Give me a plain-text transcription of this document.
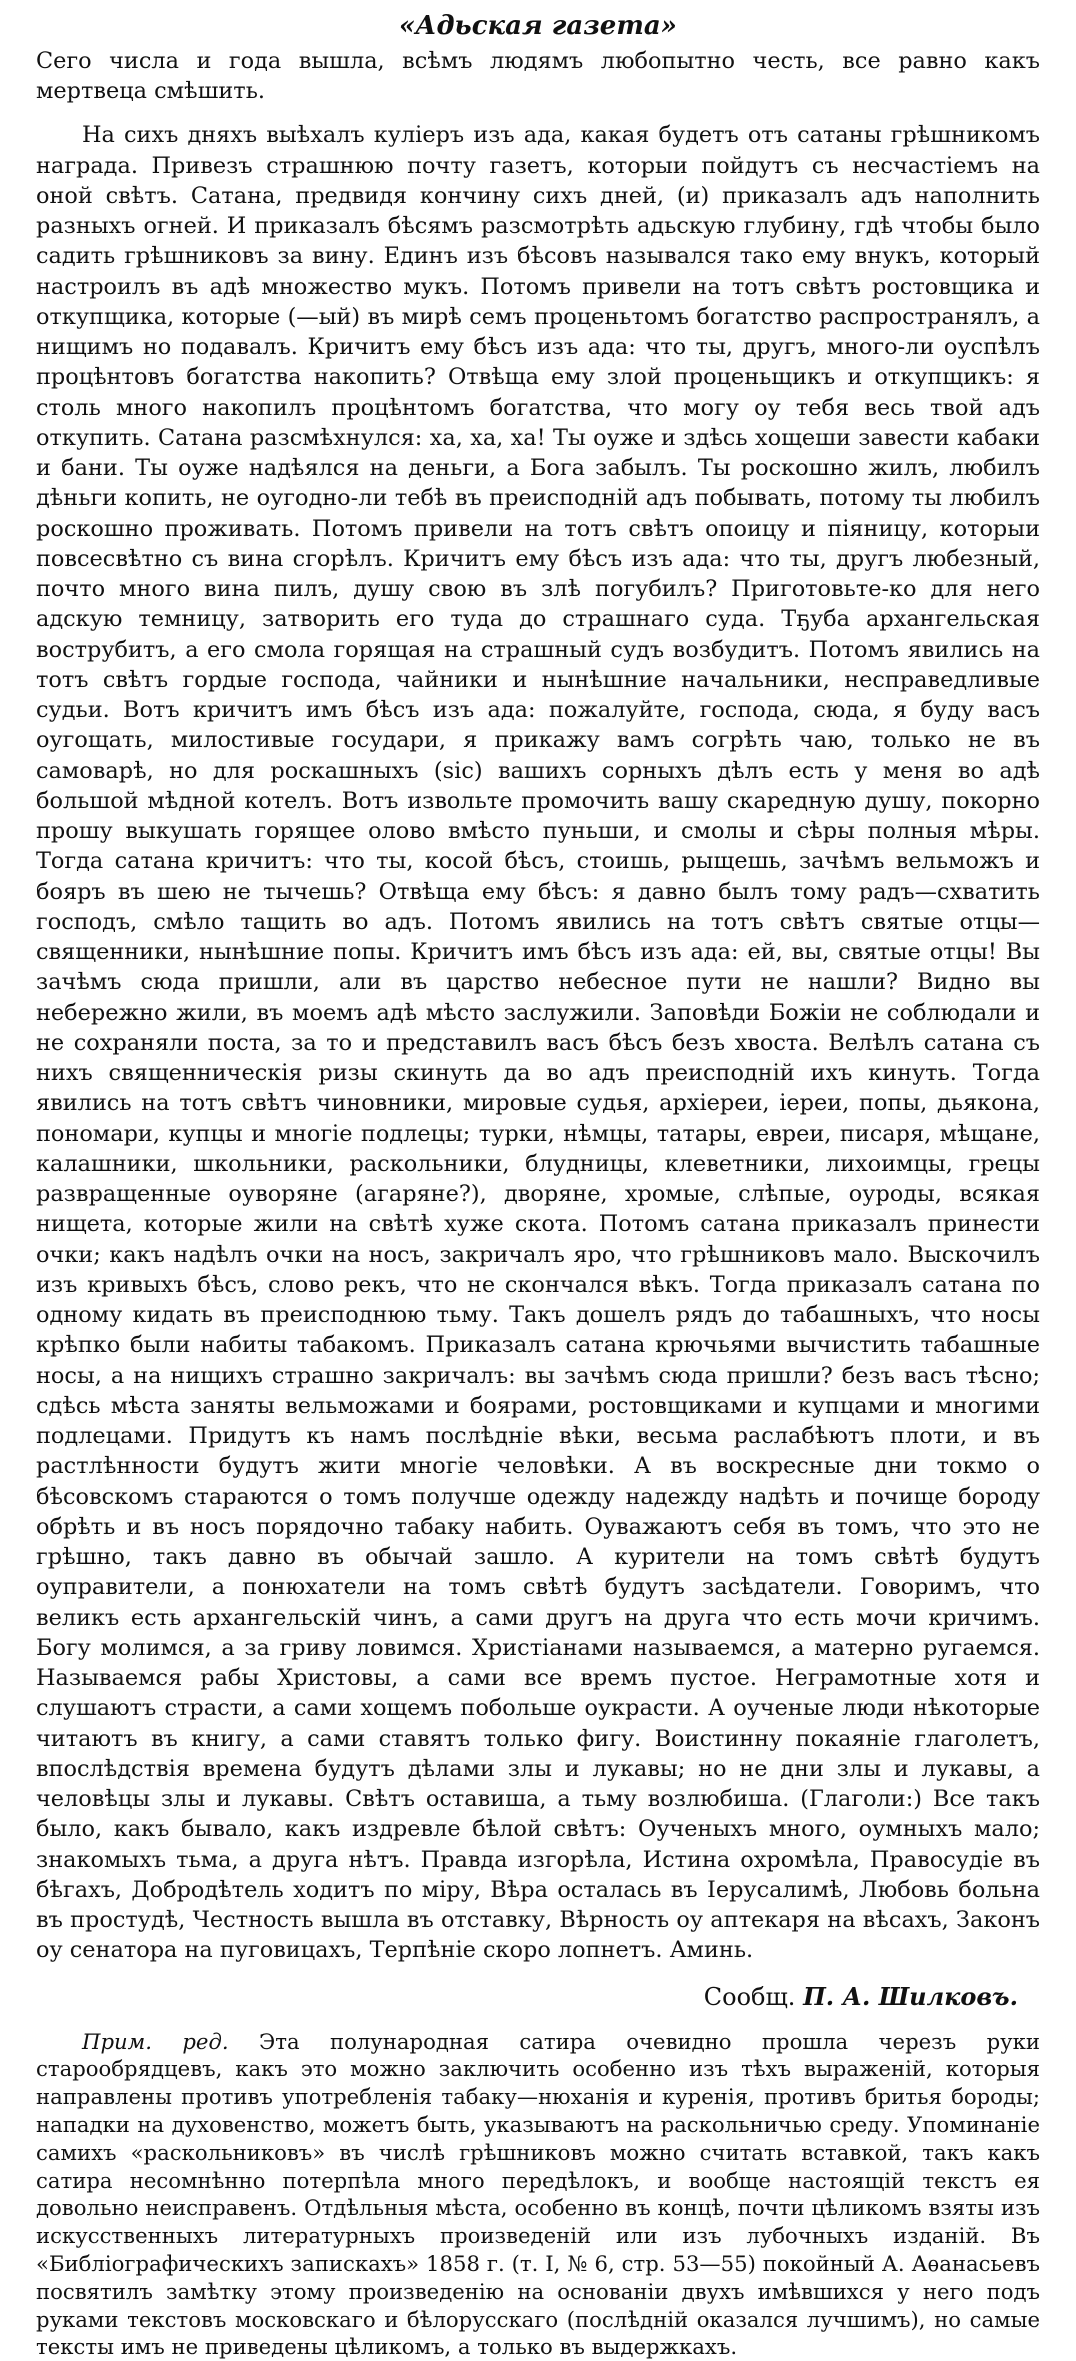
«Адьская газета»

Сего числа и года вышла, всѣмъ людямъ любопытно честь, все равно какъ мертвеца смѣшить.

На сихъ дняхъ выѣхалъ кулieръ изъ ада, какая будетъ отъ сатаны грѣшникомъ награда. Привезъ страшнюю почту газетъ, которыи пойдутъ съ несчастiемъ на оной свѣтъ. Сатана, предвидя кончину сихъ дней, (и) приказалъ адъ наполнить разныхъ огней. И приказалъ бѣсямъ разсмотрѣть адьскую глубину, гдѣ чтобы было садить грѣшниковъ за вину. Единъ изъ бѣсовъ назывался тако ему внукъ, который настроилъ въ адѣ множество мукъ. Потомъ привели на тотъ свѣтъ ростовщика и откупщика, которые (—ый) въ мирѣ семъ проценьтомъ богатство распространялъ, а нищимъ но подавалъ. Кричитъ ему бѣсъ изъ ада: что ты, другъ, много-ли оуспѣлъ процѣнтовъ богатства накопить? Отвѣща ему злой проценьщикъ и откупщикъ: я столь много накопилъ процѣнтомъ богатства, что могу оу тебя весь твой адъ откупить. Сатана разсмѣхнулся: ха, ха, ха! Ты оуже и здѣсь хощеши завести кабаки и бани. Ты оуже надѣялся на деньги, а Бога забылъ. Ты роскошно жилъ, любилъ дѣньги копить, не оугодно-ли тебѣ въ преисподнiй адъ побывать, потому ты любилъ роскошно проживать. Потомъ привели на тотъ свѣтъ опоицу и пiяницу, которыи повсесвѣтно съ вина сгорѣлъ. Кричитъ ему бѣсъ изъ ада: что ты, другъ любезный, почто много вина пилъ, душу свою въ злѣ погубилъ? Приготовьте-ко для него адскую темницу, затворить его туда до страшнаго суда. Тҕуба архангельская вострубитъ, а его смола горящая на страшный судъ возбудитъ. Потомъ явились на тотъ свѣтъ гордые господа, чайники и нынѣшние начальники, несправедливые судьи. Вотъ кричитъ имъ бѣсъ изъ ада: пожалуйте, господа, сюда, я буду васъ оугощать, милостивые государи, я прикажу вамъ согрѣть чаю, только не въ самоварѣ, но для роскашныхъ (sic) вашихъ сорныхъ дѣлъ есть у меня во адѣ большой мѣдной котелъ. Вотъ извольте промочить вашу скаредную душу, покорно прошу выкушать горящее олово вмѣсто пуньши, и смолы и сѣры полныя мѣры. Тогда сатана кричитъ: что ты, косой бѣсъ, стоишь, рыщешь, зачѣмъ вельможъ и бояръ въ шею не тычешь? Отвѣща ему бѣсъ: я давно былъ тому радъ—схватить господъ, смѣло тащить во адъ. Потомъ явились на тотъ свѣтъ святые отцы—священники, нынѣшние попы. Кричитъ имъ бѣсъ изъ ада: ей, вы, святые отцы! Вы зачѣмъ сюда пришли, али въ царство небесное пути не нашли? Видно вы небережно жили, въ моемъ адѣ мѣсто заслужили. Заповѣди Божiи не соблюдали и не сохраняли поста, за то и представилъ васъ бѣсъ безъ хвоста. Велѣлъ сатана съ нихъ священническiя ризы скинуть да во адъ преисподнiй ихъ кинуть. Тогда явились на тотъ свѣтъ чиновники, мировые судья, архiереи, iереи, попы, дьякона, пономари, купцы и многiе подлецы; турки, нѣмцы, татары, евреи, писаря, мѣщане, калашники, школьники, раскольники, блудницы, клеветники, лихоимцы, грецы развращенные оуворяне (агаряне?), дворяне, хромые, слѣпые, оуроды, всякая нищета, которые жили на свѣтѣ хуже скота. Потомъ сатана приказалъ принести очки; какъ надѣлъ очки на носъ, закричалъ яро, что грѣшниковъ мало. Выскочилъ изъ кривыхъ бѣсъ, слово рекъ, что не скончался вѣкъ. Тогда приказалъ сатана по одному кидать въ преисподнюю тьму. Такъ дошелъ рядъ до табашныхъ, что носы крѣпко были набиты табакомъ. Приказалъ сатана крючьями вычистить табашные носы, а на нищихъ страшно закричалъ: вы зачѣмъ сюда пришли? безъ васъ тѣсно; сдѣсь мѣста заняты вельможами и боярами, ростовщиками и купцами и многими подлецами. Придутъ къ намъ послѣднiе вѣки, весьма раслабѣютъ плоти, и въ растлѣнности будутъ жити многiе человѣки. А въ воскресные дни токмо о бѣсовскомъ стараются о томъ получше одежду надежду надѣть и почище бороду обрѣть и въ носъ порядочно табаку набить. Оуважаютъ себя въ томъ, что это не грѣшно, такъ давно въ обычай зашло. А курители на томъ свѣтѣ будутъ оуправители, а понюхатели на томъ свѣтѣ будутъ засѣдатели. Говоримъ, что великъ есть архангельскiй чинъ, а сами другъ на друга что есть мочи кричимъ. Богу молимся, а за гриву ловимся. Христiанами называемся, а матерно ругаемся. Называемся рабы Христовы, а сами все времъ пустое. Неграмотные хотя и слушаютъ страсти, а сами хощемъ побольше оукрасти. А оученые люди нѣкоторые читаютъ въ книгу, а сами ставятъ только фигу. Воистинну покаянiе глаголетъ, впослѣдствiя времена будутъ дѣлами злы и лукавы; но не дни злы и лукавы, а человѣцы злы и лукавы. Свѣтъ оставиша, а тьму возлюбиша. (Глаголи:) Все такъ было, какъ бывало, какъ издревле бѣлой свѣтъ: Оученыхъ много, оумныхъ мало; знакомыхъ тьма, а друга нѣтъ. Правда изгорѣла, Истина охромѣла, Правосудiе въ бѣгахъ, Добродѣтель ходитъ по мiру, Вѣра осталась въ Iерусалимѣ, Любовь больна въ простудѣ, Честность вышла въ отставку, Вѣрность оу аптекаря на вѣсахъ, Законъ оу сенатора на пуговицахъ, Терпѣнiе скоро лопнетъ. Аминь.

Сообщ. П. А. Шилковъ.

Прим. ред. Эта полународная сатира очевидно прошла черезъ руки старообрядцевъ, какъ это можно заключить особенно изъ тѣхъ выраженiй, которыя направлены противъ употребленiя табаку—нюханiя и куренiя, противъ бритья бороды; нападки на духовенство, можетъ быть, указываютъ на раскольничью среду. Упоминанiе самихъ «раскольниковъ» въ числѣ грѣшниковъ можно считать вставкой, такъ какъ сатира несомнѣнно потерпѣла много передѣлокъ, и вообще настоящiй текстъ ея довольно неисправенъ. Отдѣльныя мѣста, особенно въ концѣ, почти цѣликомъ взяты изъ искусственныхъ литературныхъ произведенiй или изъ лубочныхъ изданiй. Въ «Библiографическихъ запискахъ» 1858 г. (т. I, № 6, стр. 53—55) покойный А. Аѳанасьевъ посвятилъ замѣтку этому произведенiю на основанiи двухъ имѣвшихся у него подъ руками текстовъ московскаго и бѣлорусскаго (послѣднiй оказался лучшимъ), но самые тексты имъ не приведены цѣликомъ, а только въ выдержкахъ.
